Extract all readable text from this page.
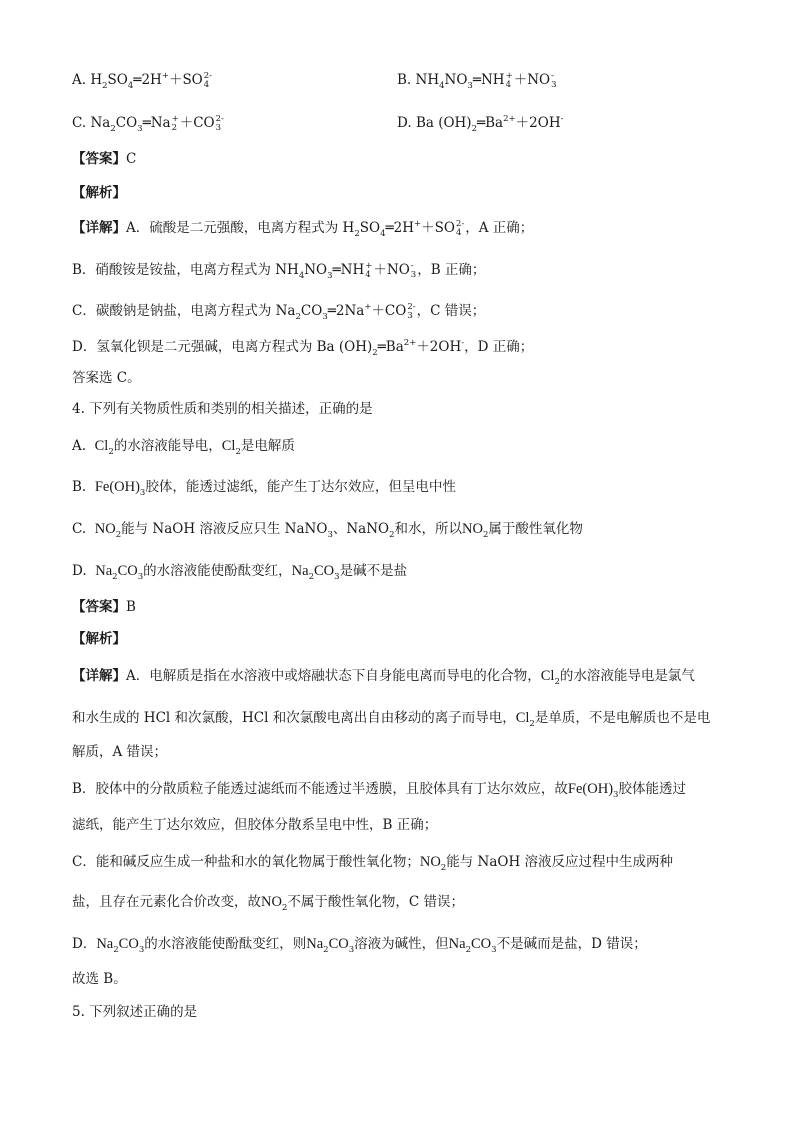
A. $H_2SO_4═2H^++SO$ 2-
4	B. $NH_4NO_3═NH$ +
4 ＋NO -
3
C. $Na_2CO_3═Na$ +
2 ＋CO 2-
3	D. Ba $(OH)_2═Ba^{2+}+2OH^-$
【答案】C
【解析】
【详解】A．硫酸是二元强酸，电离方程式为 $H_2SO_4═2H^++SO$ 2-
4 ，A 正确；
B．硝酸铵是铵盐，电离方程式为 $NH_4NO_3═NH$ +
4 ＋NO -
3 ，B 正确；
C．碳酸钠是钠盐，电离方程式为 $Na_2CO_3═2Na^++CO$ 2-
3 ，C 错误；
D．氢氧化钡是二元强碱，电离方程式为 Ba $(OH)_2═Ba^{2+}+2OH^-$，D 正确；
答案选 C。
4. 下列有关物质性质和类别的相关描述，正确的是
A. $Cl_2$的水溶液能导电，$Cl_2$是电解质
B. $Fe(OH)_3$胶体，能透过滤纸，能产生丁达尔效应，但呈电中性
C. $NO_2$能与 NaOH 溶液反应只生 NaNO$_3$、NaNO$_2$和水，所以$NO_2$属于酸性氧化物
D. $Na_2CO_3$的水溶液能使酚酞变红，$Na_2CO_3$是碱不是盐
【答案】B
【解析】
【详解】A．电解质是指在水溶液中或熔融状态下自身能电离而导电的化合物，$Cl_2$的水溶液能导电是氯气
和水生成的 HCl 和次氯酸，HCl 和次氯酸电离出自由移动的离子而导电，$Cl_2$是单质，不是电解质也不是电
解质，A 错误；
B．胶体中的分散质粒子能透过滤纸而不能透过半透膜，且胶体具有丁达尔效应，故$Fe(OH)_3$胶体能透过
滤纸，能产生丁达尔效应，但胶体分散系呈电中性，B 正确；
C．能和碱反应生成一种盐和水的氧化物属于酸性氧化物；$NO_2$能与 NaOH 溶液反应过程中生成两种
盐，且存在元素化合价改变，故$NO_2$不属于酸性氧化物，C 错误；
D．$Na_2CO_3$的水溶液能使酚酞变红，则$Na_2CO_3$溶液为碱性，但$Na_2CO_3$不是碱而是盐，D 错误；
故选 B。
5. 下列叙述正确的是
